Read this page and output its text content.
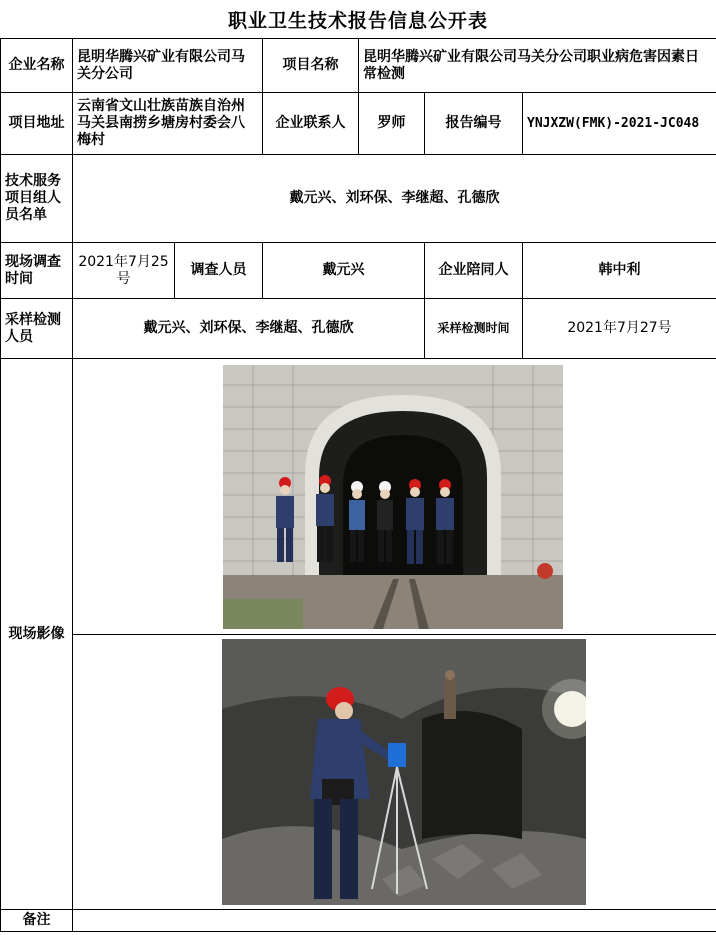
职业卫生技术报告信息公开表
企业名称	昆明华腾兴矿业有限公司马关分公司		项目名称	昆明华腾兴矿业有限公司马关分公司职业病危害因素日常检测		
项目地址	云南省文山壮族苗族自治州马关县南捞乡塘房村委会八梅村		企业联系人	罗师	报告编号	YNJXZW(FMK)-2021-JC048
技术服务项目组人员名单	戴元兴、刘环保、李继超、孔德欣					
现场调查时间	2021年7月25号	调查人员	戴元兴		企业陪同人	韩中利
采样检测人员	戴元兴、刘环保、李继超、孔德欣				采样检测时间	2021年7月27号
现场影像	

备注						
